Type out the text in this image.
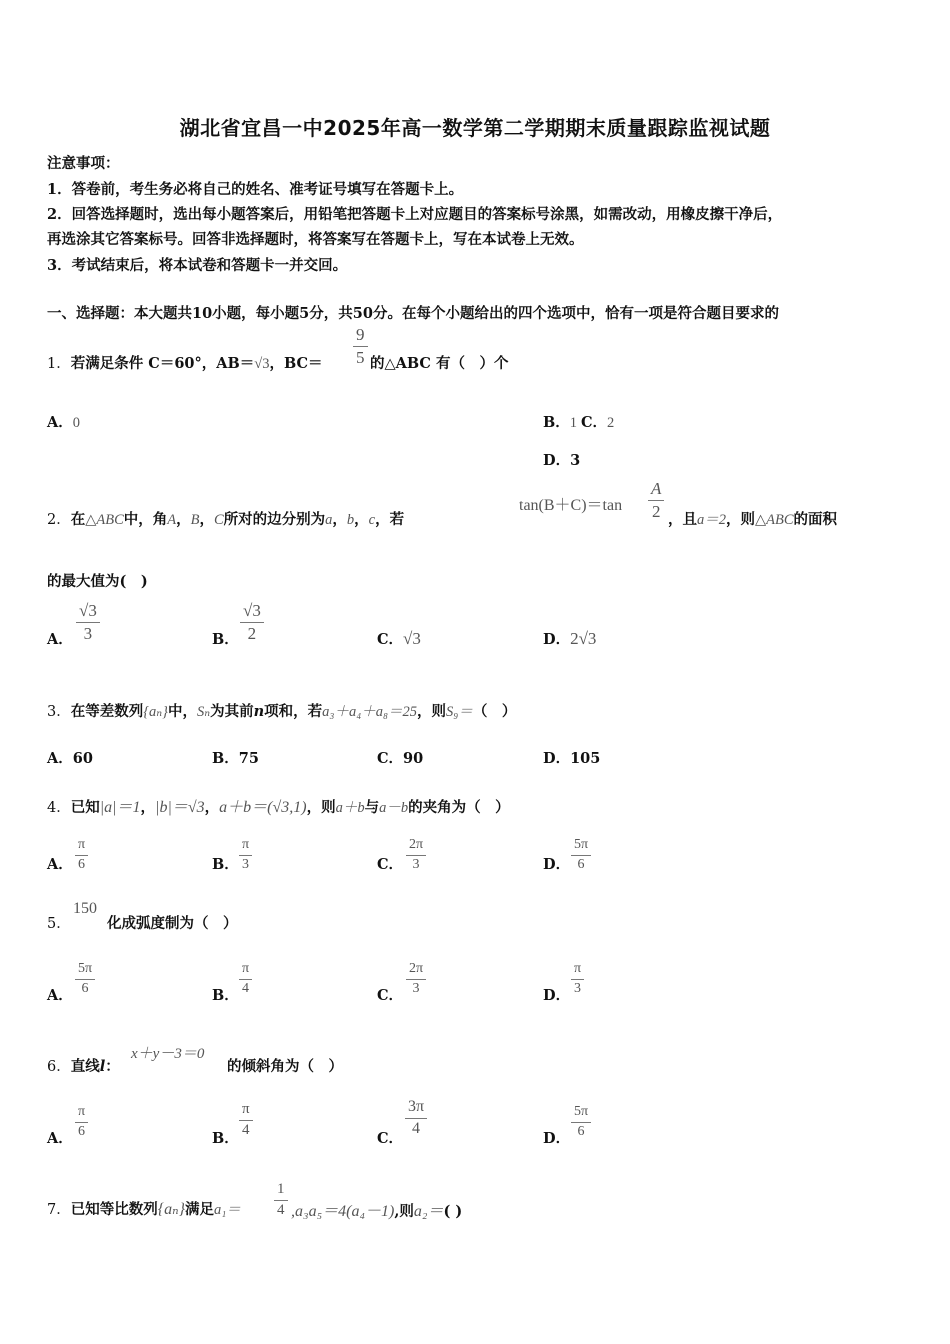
湖北省宜昌一中2025年高一数学第二学期期末质量跟踪监视试题
注意事项：
1．答卷前，考生务必将自己的姓名、准考证号填写在答题卡上。
2．回答选择题时，选出每小题答案后，用铅笔把答题卡上对应题目的答案标号涂黑，如需改动，用橡皮擦干净后，
再选涂其它答案标号。回答非选择题时，将答案写在答题卡上，写在本试卷上无效。
3．考试结束后，将本试卷和答题卡一并交回。
一、选择题：本大题共10小题，每小题5分，共50分。在每个小题给出的四个选项中，恰有一项是符合题目要求的
1．若满足条件 C＝60°，AB＝√3，$BC= \frac{9}{5}$ 的△ABC 有（　）个
A．0	B．1 C．2
D．3
2．在△ABC中，角A，B，C所对的边分别为a，b，c，若
$\tan(B+C)=\tan \frac{A}{2}$ ，且a＝2，则△ABC的面积
的最大值为(　)
A． $\frac{√3}{3}$	B． $\frac{√3}{2}$	C．√3	D．2√3
3．在等差数列{aₙ}中，Sₙ为其前n项和，若a₃＋a₄＋a₈＝25，则S₉＝（　）
A．60	B．75	C．90	D．105
4．已知|a|＝1，|b|＝√3，a＋b＝(√3,1)，则a＋b与a－b的夹角为（　）
A． $\frac{\pi}{6}$	B． $\frac{\pi}{3}$	C． $\frac{2\pi}{3}$	D． $\frac{5\pi}{6}$
5．
150
化成弧度制为（　）
A． $\frac{5\pi}{6}$	B． $\frac{\pi}{4}$	C． $\frac{2\pi}{3}$	D． $\frac{\pi}{3}$
6．直线l：
x＋y－3＝0
的倾斜角为（　）
A． $\frac{\pi}{6}$	B． $\frac{\pi}{4}$	C．
$\frac{3\pi}{4}$
D． $\frac{5\pi}{6}$
7．已知等比数列{aₙ}满足$a_1= \frac{1}{4} ,a_3a_5=4(a_4-1)$,则a₂＝( )
